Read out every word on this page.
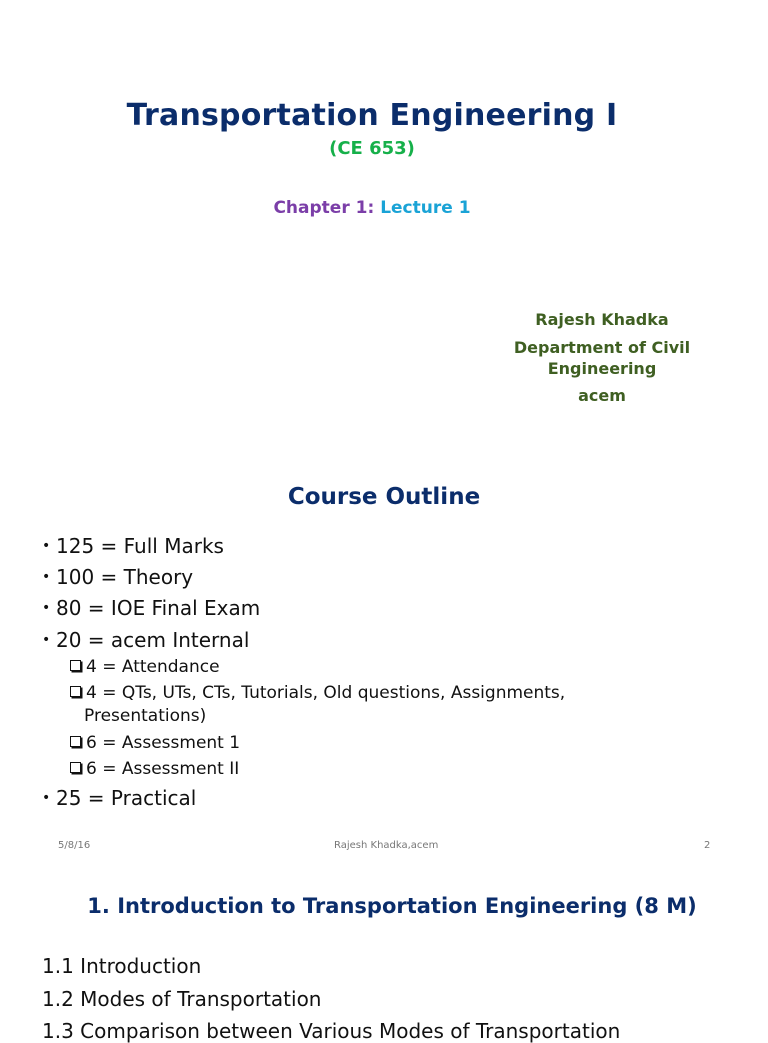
Transportation Engineering I
(CE 653)
Chapter 1: Lecture 1
Rajesh Khadka
Department of Civil
Engineering
acem
Course Outline
• 125 = Full Marks
• 100 = Theory
• 80 = IOE Final Exam
• 20 = acem Internal
4 = Attendance
4 = QTs, UTs, CTs, Tutorials, Old questions, Assignments,
Presentations)
6 = Assessment 1
6 = Assessment II
• 25 = Practical
5/8/16	Rajesh Khadka,acem	2
1. Introduction to Transportation Engineering (8 M)
1.1 Introduction
1.2 Modes of Transportation
1.3 Comparison between Various Modes of Transportation
